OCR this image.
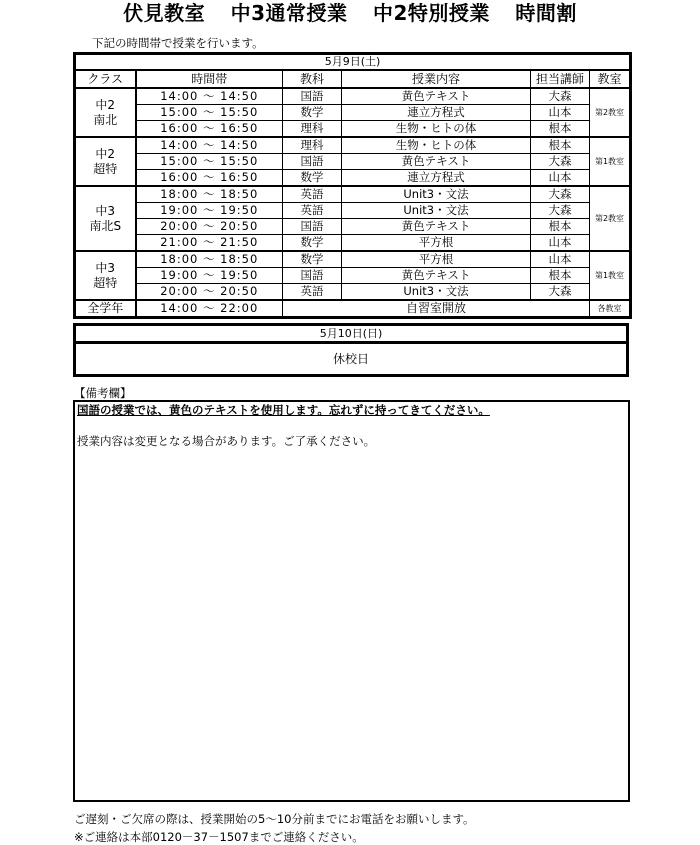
伏見教室 中3通常授業 中2特別授業 時間割
下記の時間帯で授業を行います。
5月9日(土)					
クラス	時間帯	教科	授業内容	担当講師	教室

中2
南北	14:00 ～ 14:50	国語	黄色テキスト	大森	第2教室
	15:00 ～ 15:50	数学	連立方程式	山本	
	16:00 ～ 16:50	理科	生物・ヒトの体	根本	

中2
超特	14:00 ～ 14:50	理科	生物・ヒトの体	根本	第1教室
	15:00 ～ 15:50	国語	黄色テキスト	大森	
	16:00 ～ 16:50	数学	連立方程式	山本	

中3
南北S	18:00 ～ 18:50	英語	Unit3・文法	大森	第2教室
	19:00 ～ 19:50	英語	Unit3・文法	大森	
	20:00 ～ 20:50	国語	黄色テキスト	根本	
	21:00 ～ 21:50	数学	平方根	山本	

中3
超特	18:00 ～ 18:50	数学	平方根	山本	第1教室
	19:00 ～ 19:50	国語	黄色テキスト	根本	
	20:00 ～ 20:50	英語	Unit3・文法	大森	
全学年	14:00 ～ 22:00	自習室開放			各教室
5月10日(日)
休校日
【備考欄】
国語の授業では、黄色のテキストを使用します。忘れずに持ってきてください。
授業内容は変更となる場合があります。ご了承ください。
ご遅刻・ご欠席の際は、授業開始の5～10分前までにお電話をお願いします。
※ご連絡は本部0120－37－1507までご連絡ください。
